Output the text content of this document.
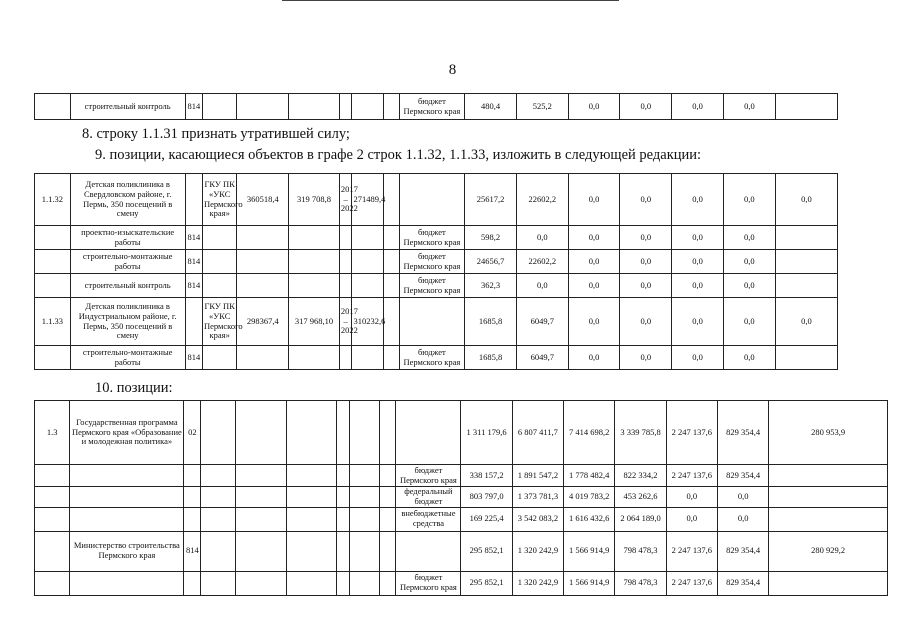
8
	строительный контроль	814							бюджет Пермского края	480,4	525,2	0,0	0,0	0,0	0,0	
8. строку 1.1.31 признать утратившей силу;
9. позиции, касающиеся объектов в графе 2 строк 1.1.32, 1.1.33, изложить в следующей редакции:
1.1.32	Детская поликлиника в Свердловском районе, г. Пермь, 350 посещений в смену		ГКУ ПК «УКС Пермского края»	360518,4	319 708,8	2017 – 2022	271489,4			25617,2	22602,2	0,0	0,0	0,0	0,0	0,0
	проектно-изыскательские работы	814							бюджет Пермского края	598,2	0,0	0,0	0,0	0,0	0,0	
	строительно-монтажные работы	814							бюджет Пермского края	24656,7	22602,2	0,0	0,0	0,0	0,0	
	строительный контроль	814							бюджет Пермского края	362,3	0,0	0,0	0,0	0,0	0,0	
1.1.33	Детская поликлиника в Индустриальном районе, г. Пермь, 350 посещений в смену		ГКУ ПК «УКС Пермского края»	298367,4	317 968,10	2017 – 2022	310232,6			1685,8	6049,7	0,0	0,0	0,0	0,0	0,0
	строительно-монтажные работы	814							бюджет Пермского края	1685,8	6049,7	0,0	0,0	0,0	0,0	
10. позиции:
1.3	Государственная программа Пермского края «Образование и молодежная политика»	02								1 311 179,6	6 807 411,7	7 414 698,2	3 339 785,8	2 247 137,6	829 354,4	280 953,9
									бюджет Пермского края	338 157,2	1 891 547,2	1 778 482,4	822 334,2	2 247 137,6	829 354,4	
									федеральный бюджет	803 797,0	1 373 781,3	4 019 783,2	453 262,6	0,0	0,0	
									внебюджетные средства	169 225,4	3 542 083,2	1 616 432,6	2 064 189,0	0,0	0,0	
	Министерство строительства Пермского края	814								295 852,1	1 320 242,9	1 566 914,9	798 478,3	2 247 137,6	829 354,4	280 929,2
									бюджет Пермского края	295 852,1	1 320 242,9	1 566 914,9	798 478,3	2 247 137,6	829 354,4	
